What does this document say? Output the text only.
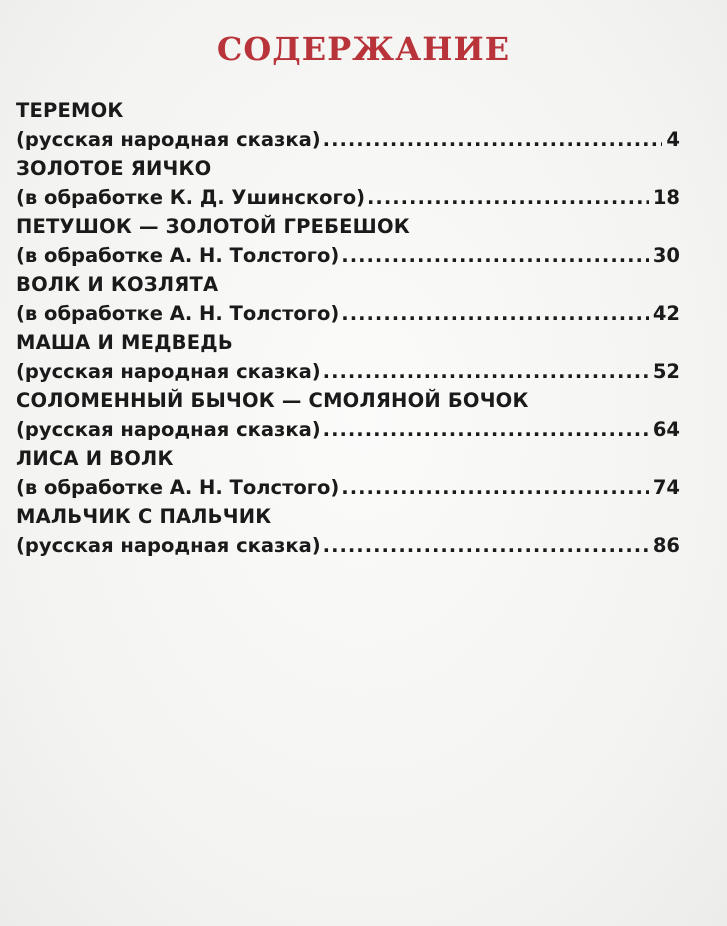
СОДЕРЖАНИЕ
ТЕРЕМОК
(русская народная сказка) .....	4
ЗОЛОТОЕ ЯИЧКО
(в обработке К. Д. Ушинского) .....	18
ПЕТУШОК — ЗОЛОТОЙ ГРЕБЕШОК
(в обработке А. Н. Толстого) .....	30
ВОЛК И КОЗЛЯТА
(в обработке А. Н. Толстого) .....	42
МАША И МЕДВЕДЬ
(русская народная сказка) .....	52
СОЛОМЕННЫЙ БЫЧОК — СМОЛЯНОЙ БОЧОК
(русская народная сказка) .....	64
ЛИСА И ВОЛК
(в обработке А. Н. Толстого) .....	74
МАЛЬЧИК С ПАЛЬЧИК
(русская народная сказка) .....	86
